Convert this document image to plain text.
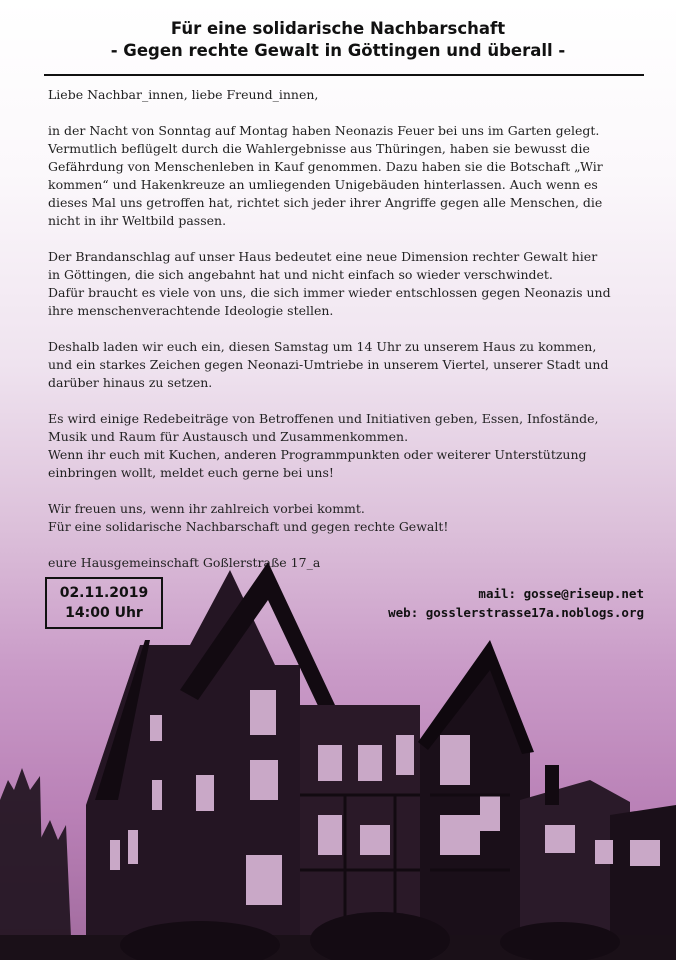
Für eine solidarische Nachbarschaft
- Gegen rechte Gewalt in Göttingen und überall -

Liebe Nachbar_innen, liebe Freund_innen,

in der Nacht von Sonntag auf Montag haben Neonazis Feuer bei uns im Garten gelegt.
Vermutlich beflügelt durch die Wahlergebnisse aus Thüringen, haben sie bewusst die
Gefährdung von Menschenleben in Kauf genommen. Dazu haben sie die Botschaft „Wir
kommen“ und Hakenkreuze an umliegenden Unigebäuden hinterlassen. Auch wenn es
dieses Mal uns getroffen hat, richtet sich jeder ihrer Angriffe gegen alle Menschen, die
nicht in ihr Weltbild passen.

Der Brandanschlag auf unser Haus bedeutet eine neue Dimension rechter Gewalt hier
in Göttingen, die sich angebahnt hat und nicht einfach so wieder verschwindet.
Dafür braucht es viele von uns, die sich immer wieder entschlossen gegen Neonazis und
ihre menschenverachtende Ideologie stellen.

Deshalb laden wir euch ein, diesen Samstag um 14 Uhr zu unserem Haus zu kommen,
und ein starkes Zeichen gegen Neonazi-Umtriebe in unserem Viertel, unserer Stadt und
darüber hinaus zu setzen.

Es wird einige Redebeiträge von Betroffenen und Initiativen geben, Essen, Infostände,
Musik und Raum für Austausch und Zusammenkommen.
Wenn ihr euch mit Kuchen, anderen Programmpunkten oder weiterer Unterstützung
einbringen wollt, meldet euch gerne bei uns!

Wir freuen uns, wenn ihr zahlreich vorbei kommt.
Für eine solidarische Nachbarschaft und gegen rechte Gewalt!

eure Hausgemeinschaft Goßlerstraße 17_a

02.11.2019
14:00 Uhr
mail: gosse@riseup.net
web: gosslerstrasse17a.noblogs.org
